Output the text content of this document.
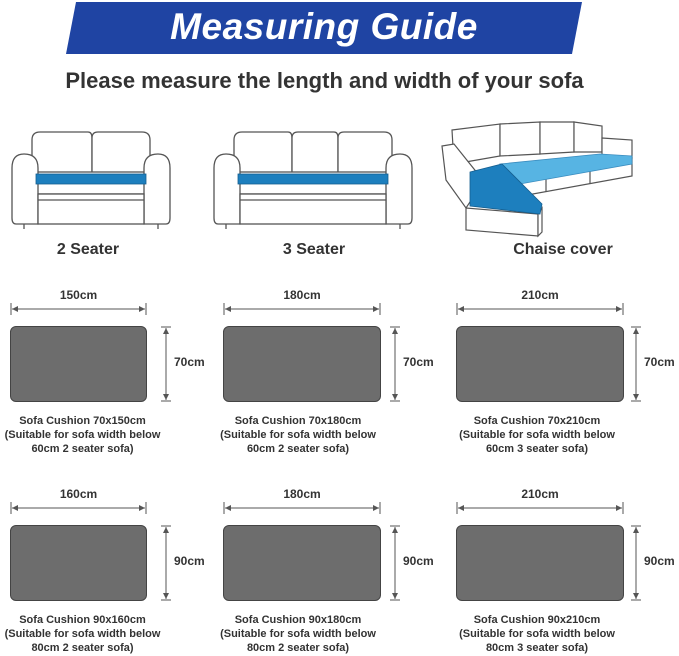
Measuring Guide
Please measure the length and width of your sofa
2 Seater	3 Seater	Chaise cover
150cm
70cm
Sofa Cushion 70x150cm
(Suitable for sofa width below
60cm 2 seater sofa)
180cm
70cm
Sofa Cushion 70x180cm
(Suitable for sofa width below
60cm 2 seater sofa)
210cm
70cm
Sofa Cushion 70x210cm
(Suitable for sofa width below
60cm 3 seater sofa)
160cm
90cm
Sofa Cushion 90x160cm
(Suitable for sofa width below
80cm 2 seater sofa)
180cm
90cm
Sofa Cushion 90x180cm
(Suitable for sofa width below
80cm 2 seater sofa)
210cm
90cm
Sofa Cushion 90x210cm
(Suitable for sofa width below
80cm 3 seater sofa)
